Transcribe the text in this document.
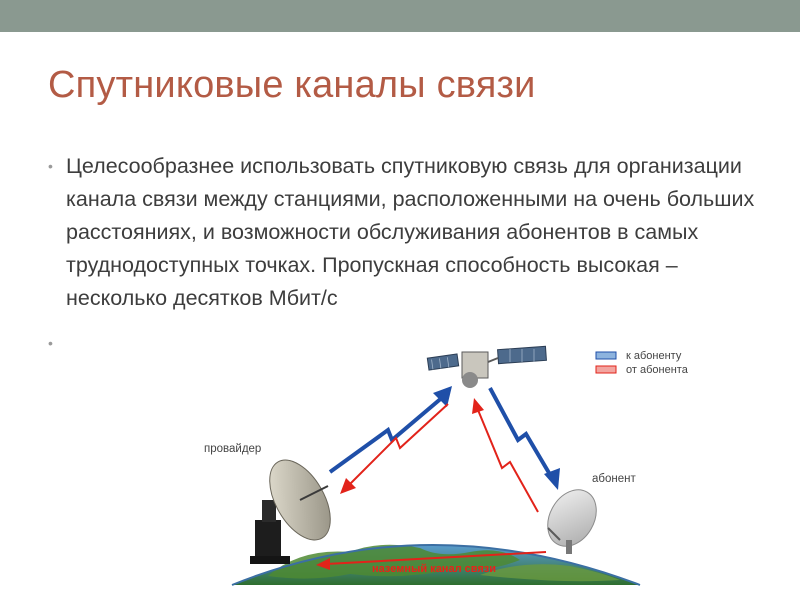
Спутниковые каналы связи
• Целесообразнее использовать спутниковую связь для организации канала связи между станциями, расположенными на очень больших расстояниях, и возможности обслуживания абонентов в самых труднодоступных точках. Пропускная способность высокая – несколько десятков Мбит/с
•
к абоненту
от абонента
провайдер
абонент
наземный канал связи
